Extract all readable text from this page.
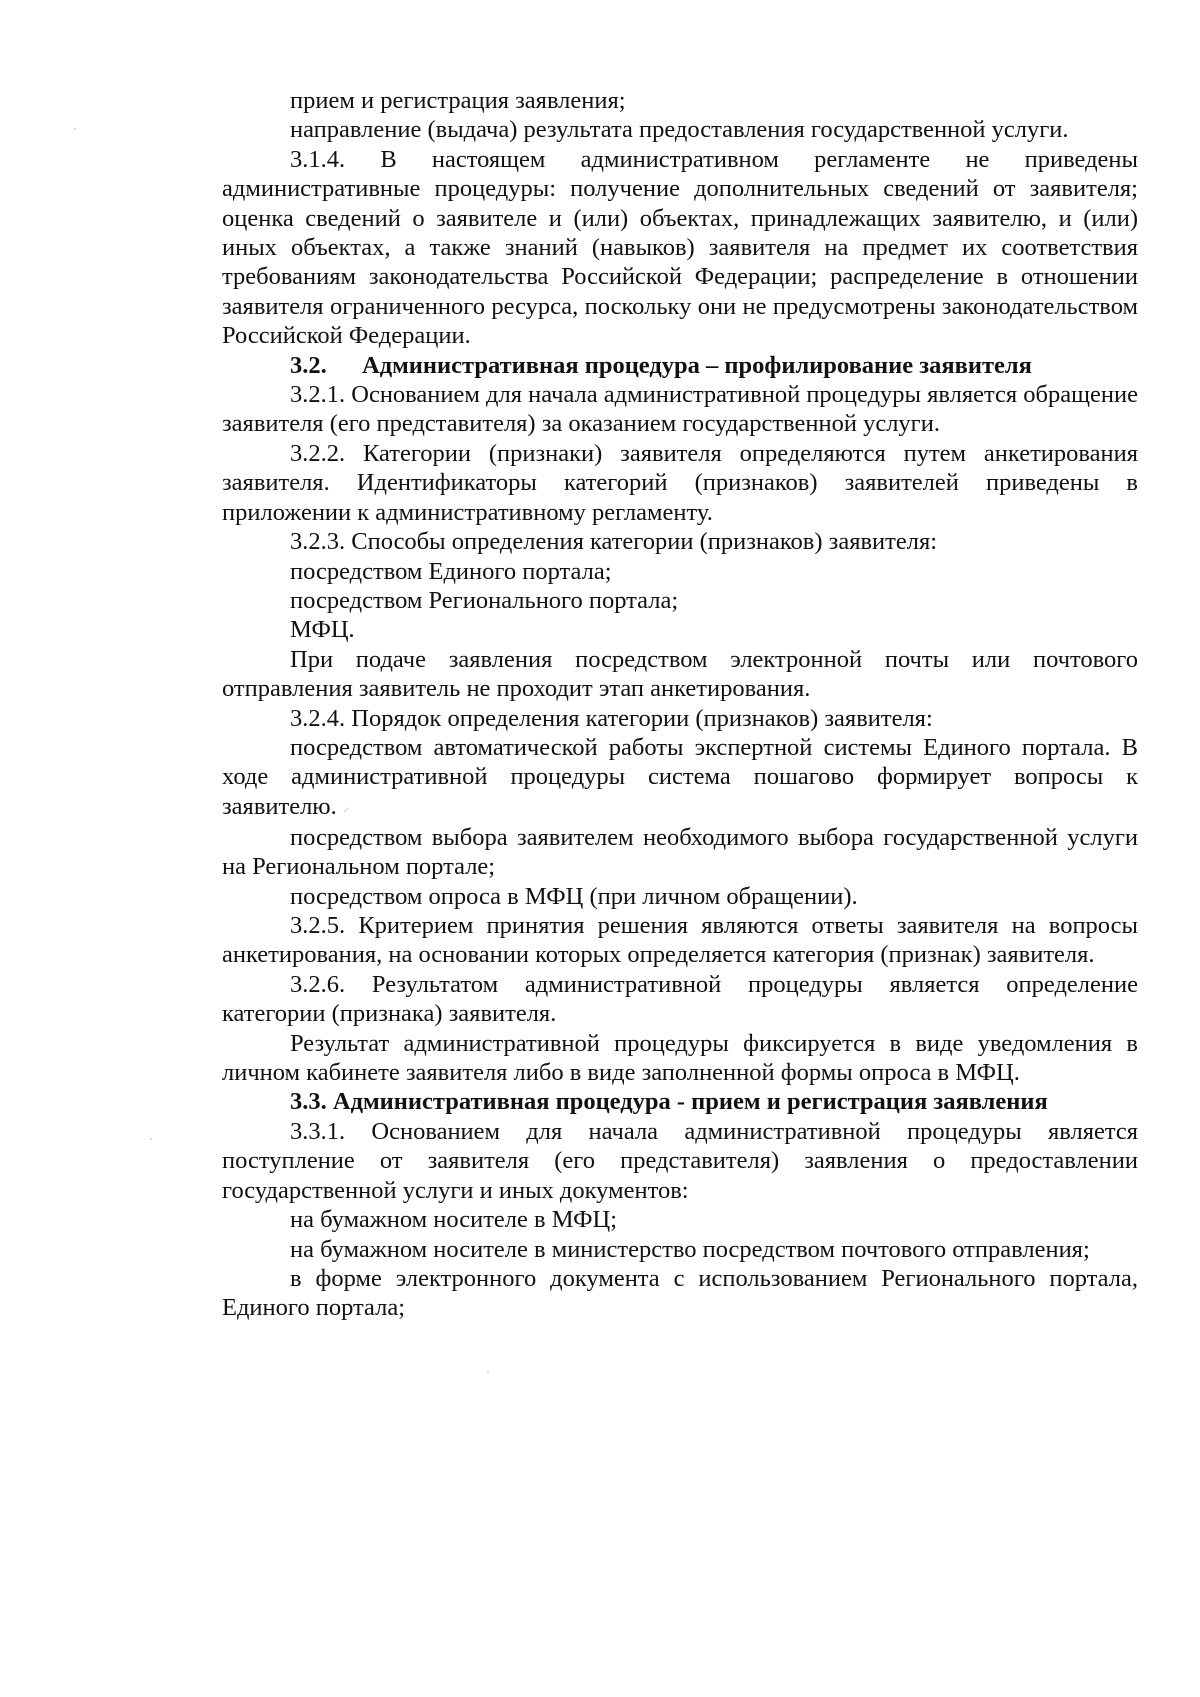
прием и регистрация заявления;

направление (выдача) результата предоставления государственной услуги.

3.1.4. В настоящем административном регламенте не приведены административные процедуры: получение дополнительных сведений от заявителя; оценка сведений о заявителе и (или) объектах, принадлежащих заявителю, и (или) иных объектах, а также знаний (навыков) заявителя на предмет их соответствия требованиям законодательства Российской Федерации; распределение в отношении заявителя ограниченного ресурса, поскольку они не предусмотрены законодательством Российской Федерации.

3.2. Административная процедура – профилирование заявителя

3.2.1. Основанием для начала административной процедуры является обращение заявителя (его представителя) за оказанием государственной услуги.

3.2.2. Категории (признаки) заявителя определяются путем анкетирования заявителя. Идентификаторы категорий (признаков) заявителей приведены в приложении к административному регламенту.

3.2.3. Способы определения категории (признаков) заявителя:

посредством Единого портала;

посредством Регионального портала;

МФЦ.

При подаче заявления посредством электронной почты или почтового отправления заявитель не проходит этап анкетирования.

3.2.4. Порядок определения категории (признаков) заявителя:

посредством автоматической работы экспертной системы Единого портала. В ходе административной процедуры система пошагово формирует вопросы к заявителю. ⸝

посредством выбора заявителем необходимого выбора государственной услуги на Региональном портале;

посредством опроса в МФЦ (при личном обращении).

3.2.5. Критерием принятия решения являются ответы заявителя на вопросы анкетирования, на основании которых определяется категория (признак) заявителя.

3.2.6. Результатом административной процедуры является определение категории (признака) заявителя.

Результат административной процедуры фиксируется в виде уведомления в личном кабинете заявителя либо в виде заполненной формы опроса в МФЦ.

3.3. Административная процедура - прием и регистрация заявления

3.3.1. Основанием для начала административной процедуры является поступление от заявителя (его представителя) заявления о предоставлении государственной услуги и иных документов:

на бумажном носителе в МФЦ;

на бумажном носителе в министерство посредством почтового отправления;

в форме электронного документа с использованием Регионального портала, Единого портала;
